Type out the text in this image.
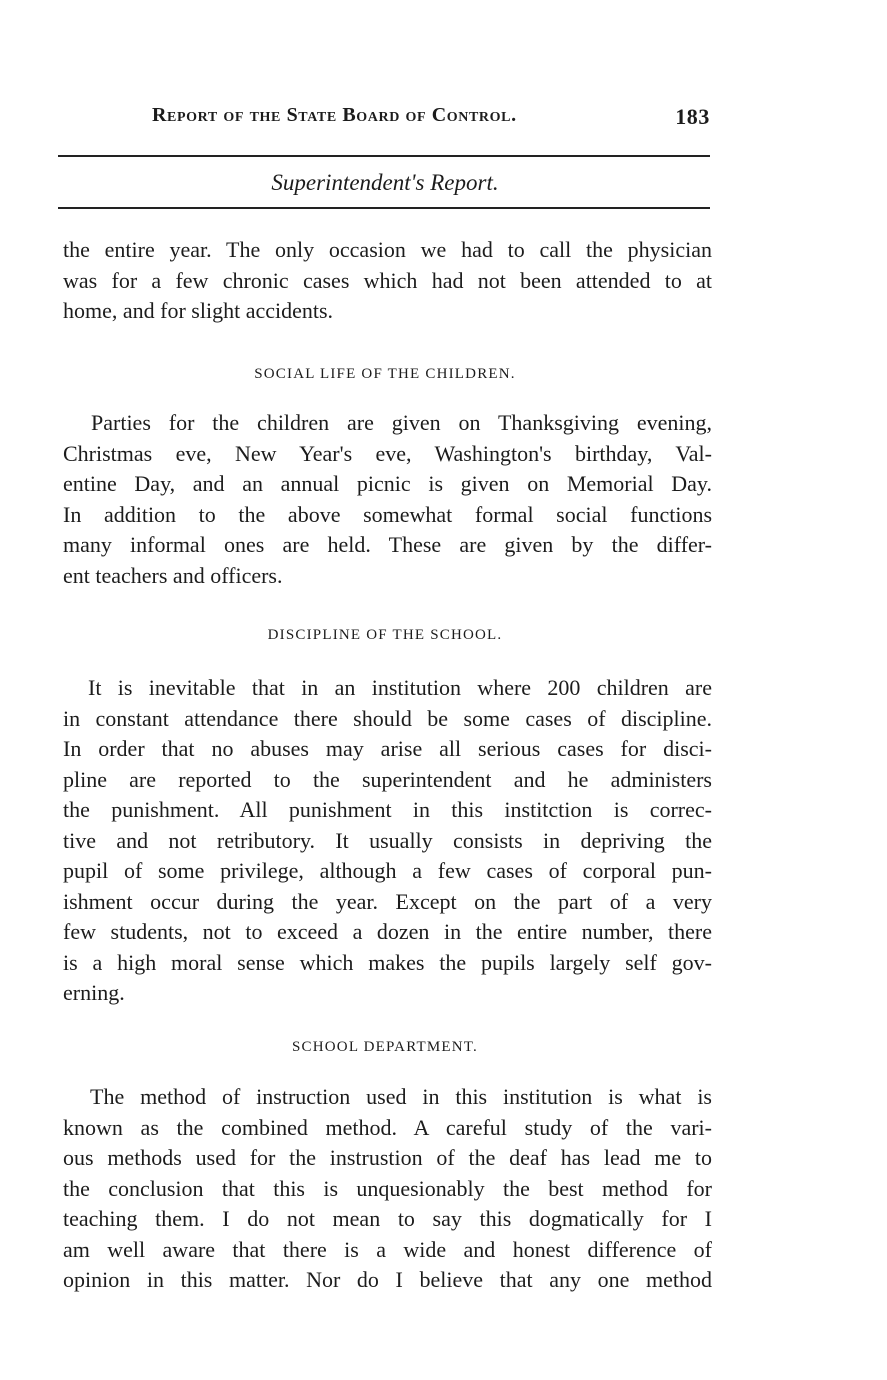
Report of the State Board of Control.	183
Superintendent's Report.
the entire year. The only occasion we had to call the physician
was for a few chronic cases which had not been attended to at
home, and for slight accidents.
SOCIAL LIFE OF THE CHILDREN.
Parties for the children are given on Thanksgiving evening,
Christmas eve, New Year's eve, Washington's birthday, Val-
entine Day, and an annual picnic is given on Memorial Day.
In addition to the above somewhat formal social functions
many informal ones are held. These are given by the differ-
ent teachers and officers.
DISCIPLINE OF THE SCHOOL.
It is inevitable that in an institution where 200 children are
in constant attendance there should be some cases of discipline.
In order that no abuses may arise all serious cases for disci-
pline are reported to the superintendent and he administers
the punishment. All punishment in this institction is correc-
tive and not retributory. It usually consists in depriving the
pupil of some privilege, although a few cases of corporal pun-
ishment occur during the year. Except on the part of a very
few students, not to exceed a dozen in the entire number, there
is a high moral sense which makes the pupils largely self gov-
erning.
SCHOOL DEPARTMENT.
The method of instruction used in this institution is what is
known as the combined method. A careful study of the vari-
ous methods used for the instrustion of the deaf has lead me to
the conclusion that this is unquesionably the best method for
teaching them. I do not mean to say this dogmatically for I
am well aware that there is a wide and honest difference of
opinion in this matter. Nor do I believe that any one method
